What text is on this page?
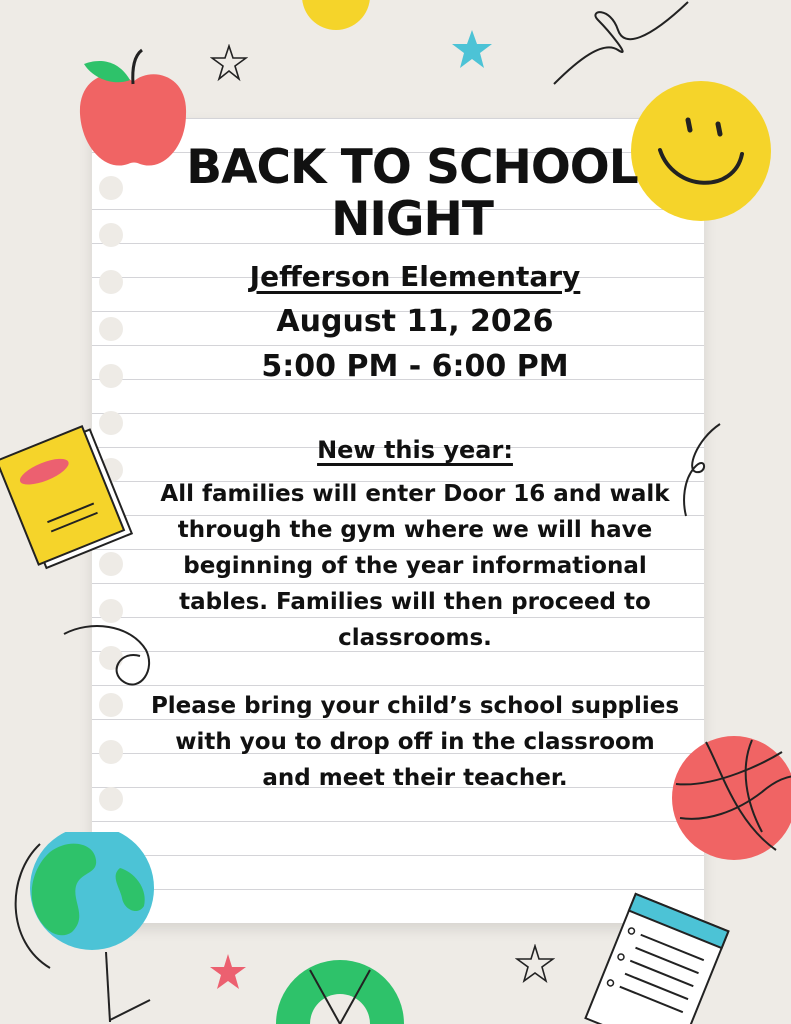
BACK TO SCHOOL
NIGHT
Jefferson Elementary
August 11, 2026
5:00 PM - 6:00 PM
New this year:
All families will enter Door 16 and walk through the gym where we will have beginning of the year informational tables. Families will then proceed to classrooms.
Please bring your child’s school supplies with you to drop off in the classroom and meet their teacher.
